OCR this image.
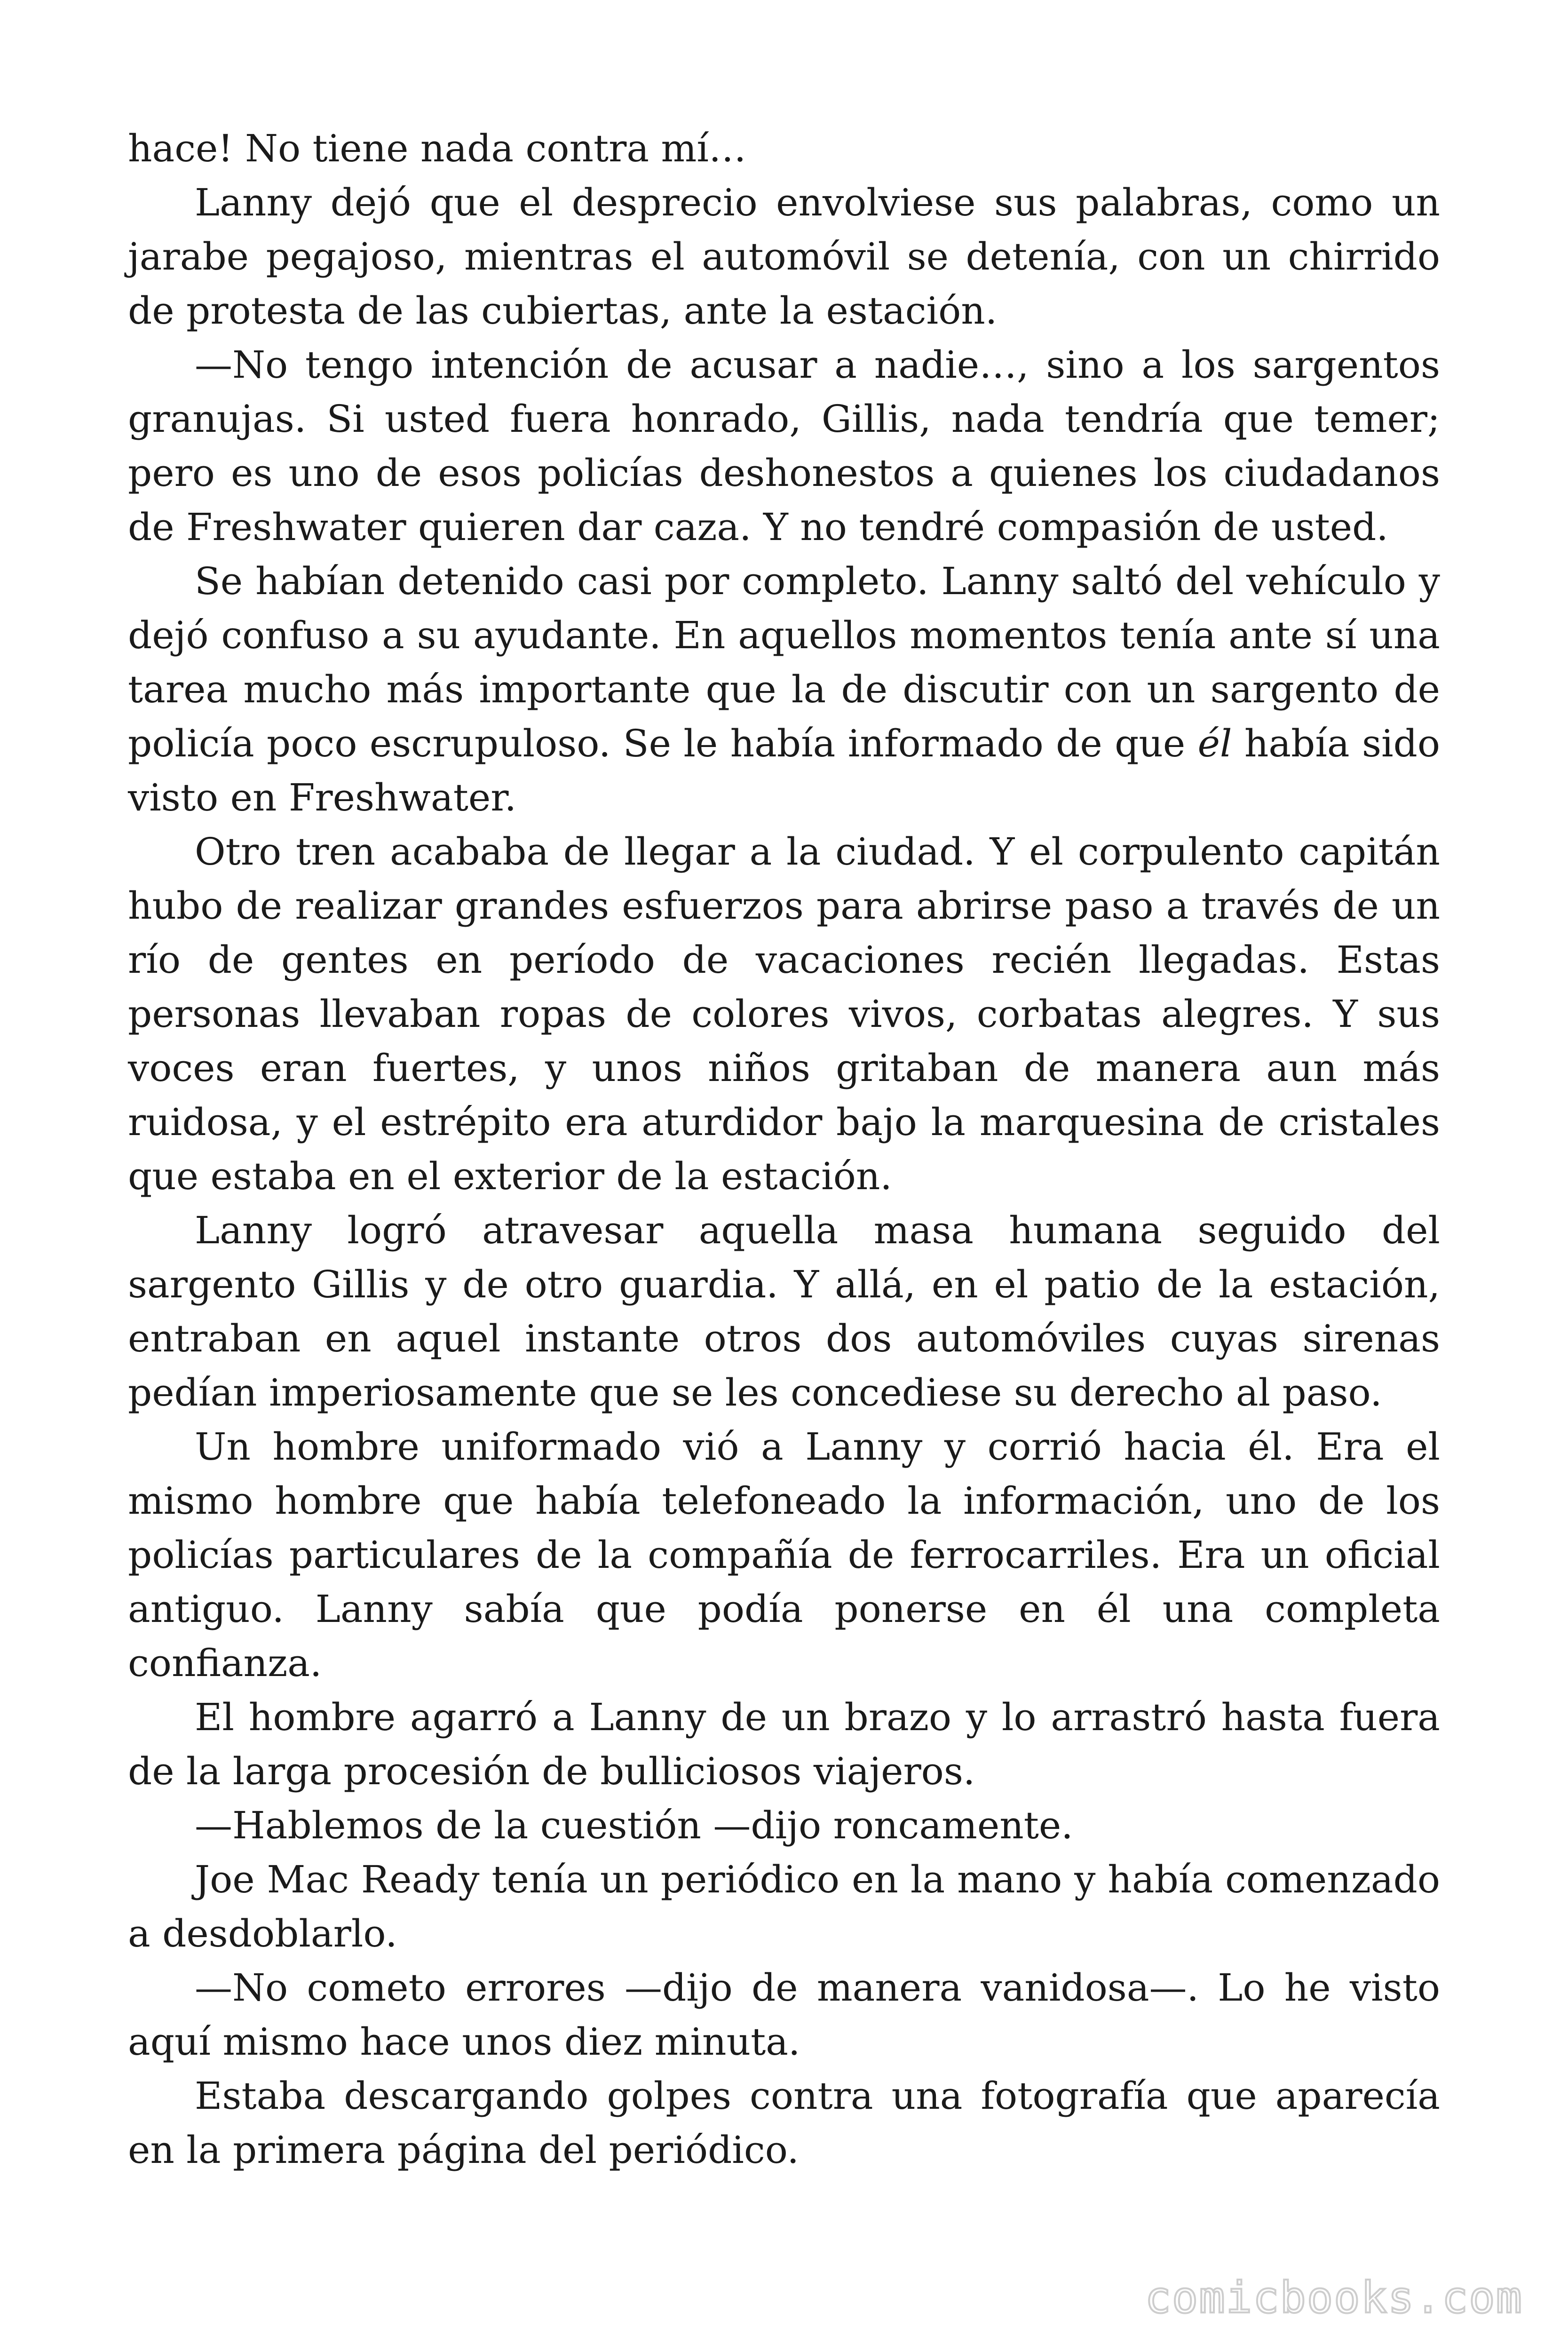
hace! No tiene nada contra mí…

Lanny dejó que el desprecio envolviese sus palabras, como un jarabe pegajoso, mientras el automóvil se detenía, con un chirrido de protesta de las cubiertas, ante la estación.

—No tengo intención de acusar a nadie…, sino a los sargentos granujas. Si usted fuera honrado, Gillis, nada tendría que temer; pero es uno de esos policías deshonestos a quienes los ciudadanos de Freshwater quieren dar caza. Y no tendré compasión de usted.

Se habían detenido casi por completo. Lanny saltó del vehículo y dejó confuso a su ayudante. En aquellos momentos tenía ante sí una tarea mucho más importante que la de discutir con un sargento de policía poco escrupuloso. Se le había informado de que él había sido visto en Freshwater.

Otro tren acababa de llegar a la ciudad. Y el corpulento capitán hubo de realizar grandes esfuerzos para abrirse paso a través de un río de gentes en período de vacaciones recién llegadas. Estas personas llevaban ropas de colores vivos, corbatas alegres. Y sus voces eran fuertes, y unos niños gritaban de manera aun más ruidosa, y el estrépito era aturdidor bajo la marquesina de cristales que estaba en el exterior de la estación.

Lanny logró atravesar aquella masa humana seguido del sargento Gillis y de otro guardia. Y allá, en el patio de la estación, entraban en aquel instante otros dos automóviles cuyas sirenas pedían imperiosamente que se les concediese su derecho al paso.

Un hombre uniformado vió a Lanny y corrió hacia él. Era el mismo hombre que había telefoneado la información, uno de los policías particulares de la compañía de ferrocarriles. Era un oficial antiguo. Lanny sabía que podía ponerse en él una completa confianza.

El hombre agarró a Lanny de un brazo y lo arrastró hasta fuera de la larga procesión de bulliciosos viajeros.

—Hablemos de la cuestión —dijo roncamente.

Joe Mac Ready tenía un periódico en la mano y había comenzado a desdoblarlo.

—No cometo errores —dijo de manera vanidosa—. Lo he visto aquí mismo hace unos diez minuta.

Estaba descargando golpes contra una fotografía que aparecía en la primera página del periódico.

comicbooks.com
